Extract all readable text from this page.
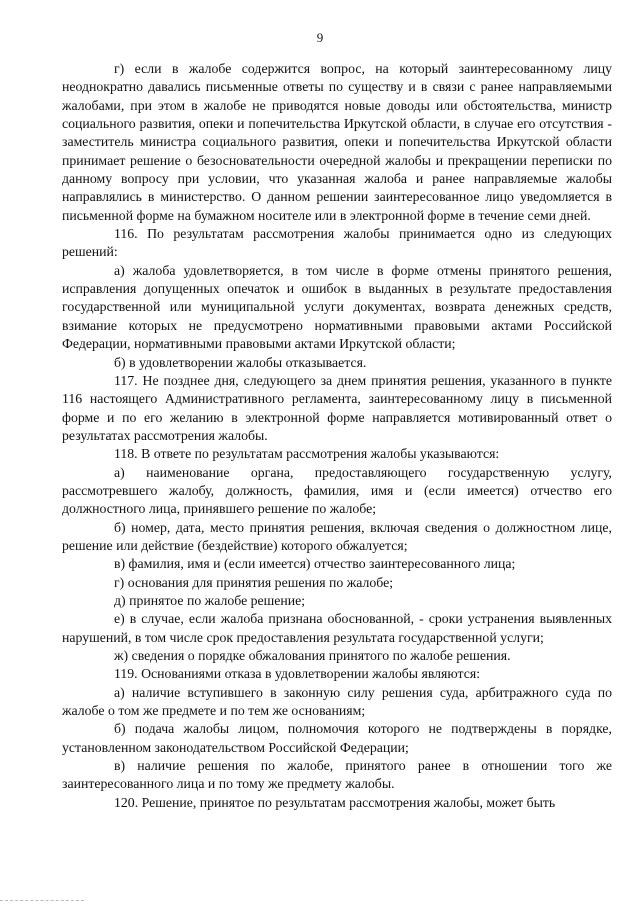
9

г) если в жалобе содержится вопрос, на который заинтересованному лицу неоднократно давались письменные ответы по существу и в связи с ранее направляемыми жалобами, при этом в жалобе не приводятся новые доводы или обстоятельства, министр социального развития, опеки и попечительства Иркутской области, в случае его отсутствия - заместитель министра социального развития, опеки и попечительства Иркутской области принимает решение о безосновательности очередной жалобы и прекращении переписки по данному вопросу при условии, что указанная жалоба и ранее направляемые жалобы направлялись в министерство. О данном решении заинтересованное лицо уведомляется в письменной форме на бумажном носителе или в электронной форме в течение семи дней.

116. По результатам рассмотрения жалобы принимается одно из следующих решений:

а) жалоба удовлетворяется, в том числе в форме отмены принятого решения, исправления допущенных опечаток и ошибок в выданных в результате предоставления государственной или муниципальной услуги документах, возврата денежных средств, взимание которых не предусмотрено нормативными правовыми актами Российской Федерации, нормативными правовыми актами Иркутской области;

б) в удовлетворении жалобы отказывается.

117. Не позднее дня, следующего за днем принятия решения, указанного в пункте 116 настоящего Административного регламента, заинтересованному лицу в письменной форме и по его желанию в электронной форме направляется мотивированный ответ о результатах рассмотрения жалобы.

118. В ответе по результатам рассмотрения жалобы указываются:

а) наименование органа, предоставляющего государственную услугу, рассмотревшего жалобу, должность, фамилия, имя и (если имеется) отчество его должностного лица, принявшего решение по жалобе;

б) номер, дата, место принятия решения, включая сведения о должностном лице, решение или действие (бездействие) которого обжалуется;

в) фамилия, имя и (если имеется) отчество заинтересованного лица;

г) основания для принятия решения по жалобе;

д) принятое по жалобе решение;

е) в случае, если жалоба признана обоснованной, - сроки устранения выявленных нарушений, в том числе срок предоставления результата государственной услуги;

ж) сведения о порядке обжалования принятого по жалобе решения.

119. Основаниями отказа в удовлетворении жалобы являются:

а) наличие вступившего в законную силу решения суда, арбитражного суда по жалобе о том же предмете и по тем же основаниям;

б) подача жалобы лицом, полномочия которого не подтверждены в порядке, установленном законодательством Российской Федерации;

в) наличие решения по жалобе, принятого ранее в отношении того же заинтересованного лица и по тому же предмету жалобы.

120. Решение, принятое по результатам рассмотрения жалобы, может быть
